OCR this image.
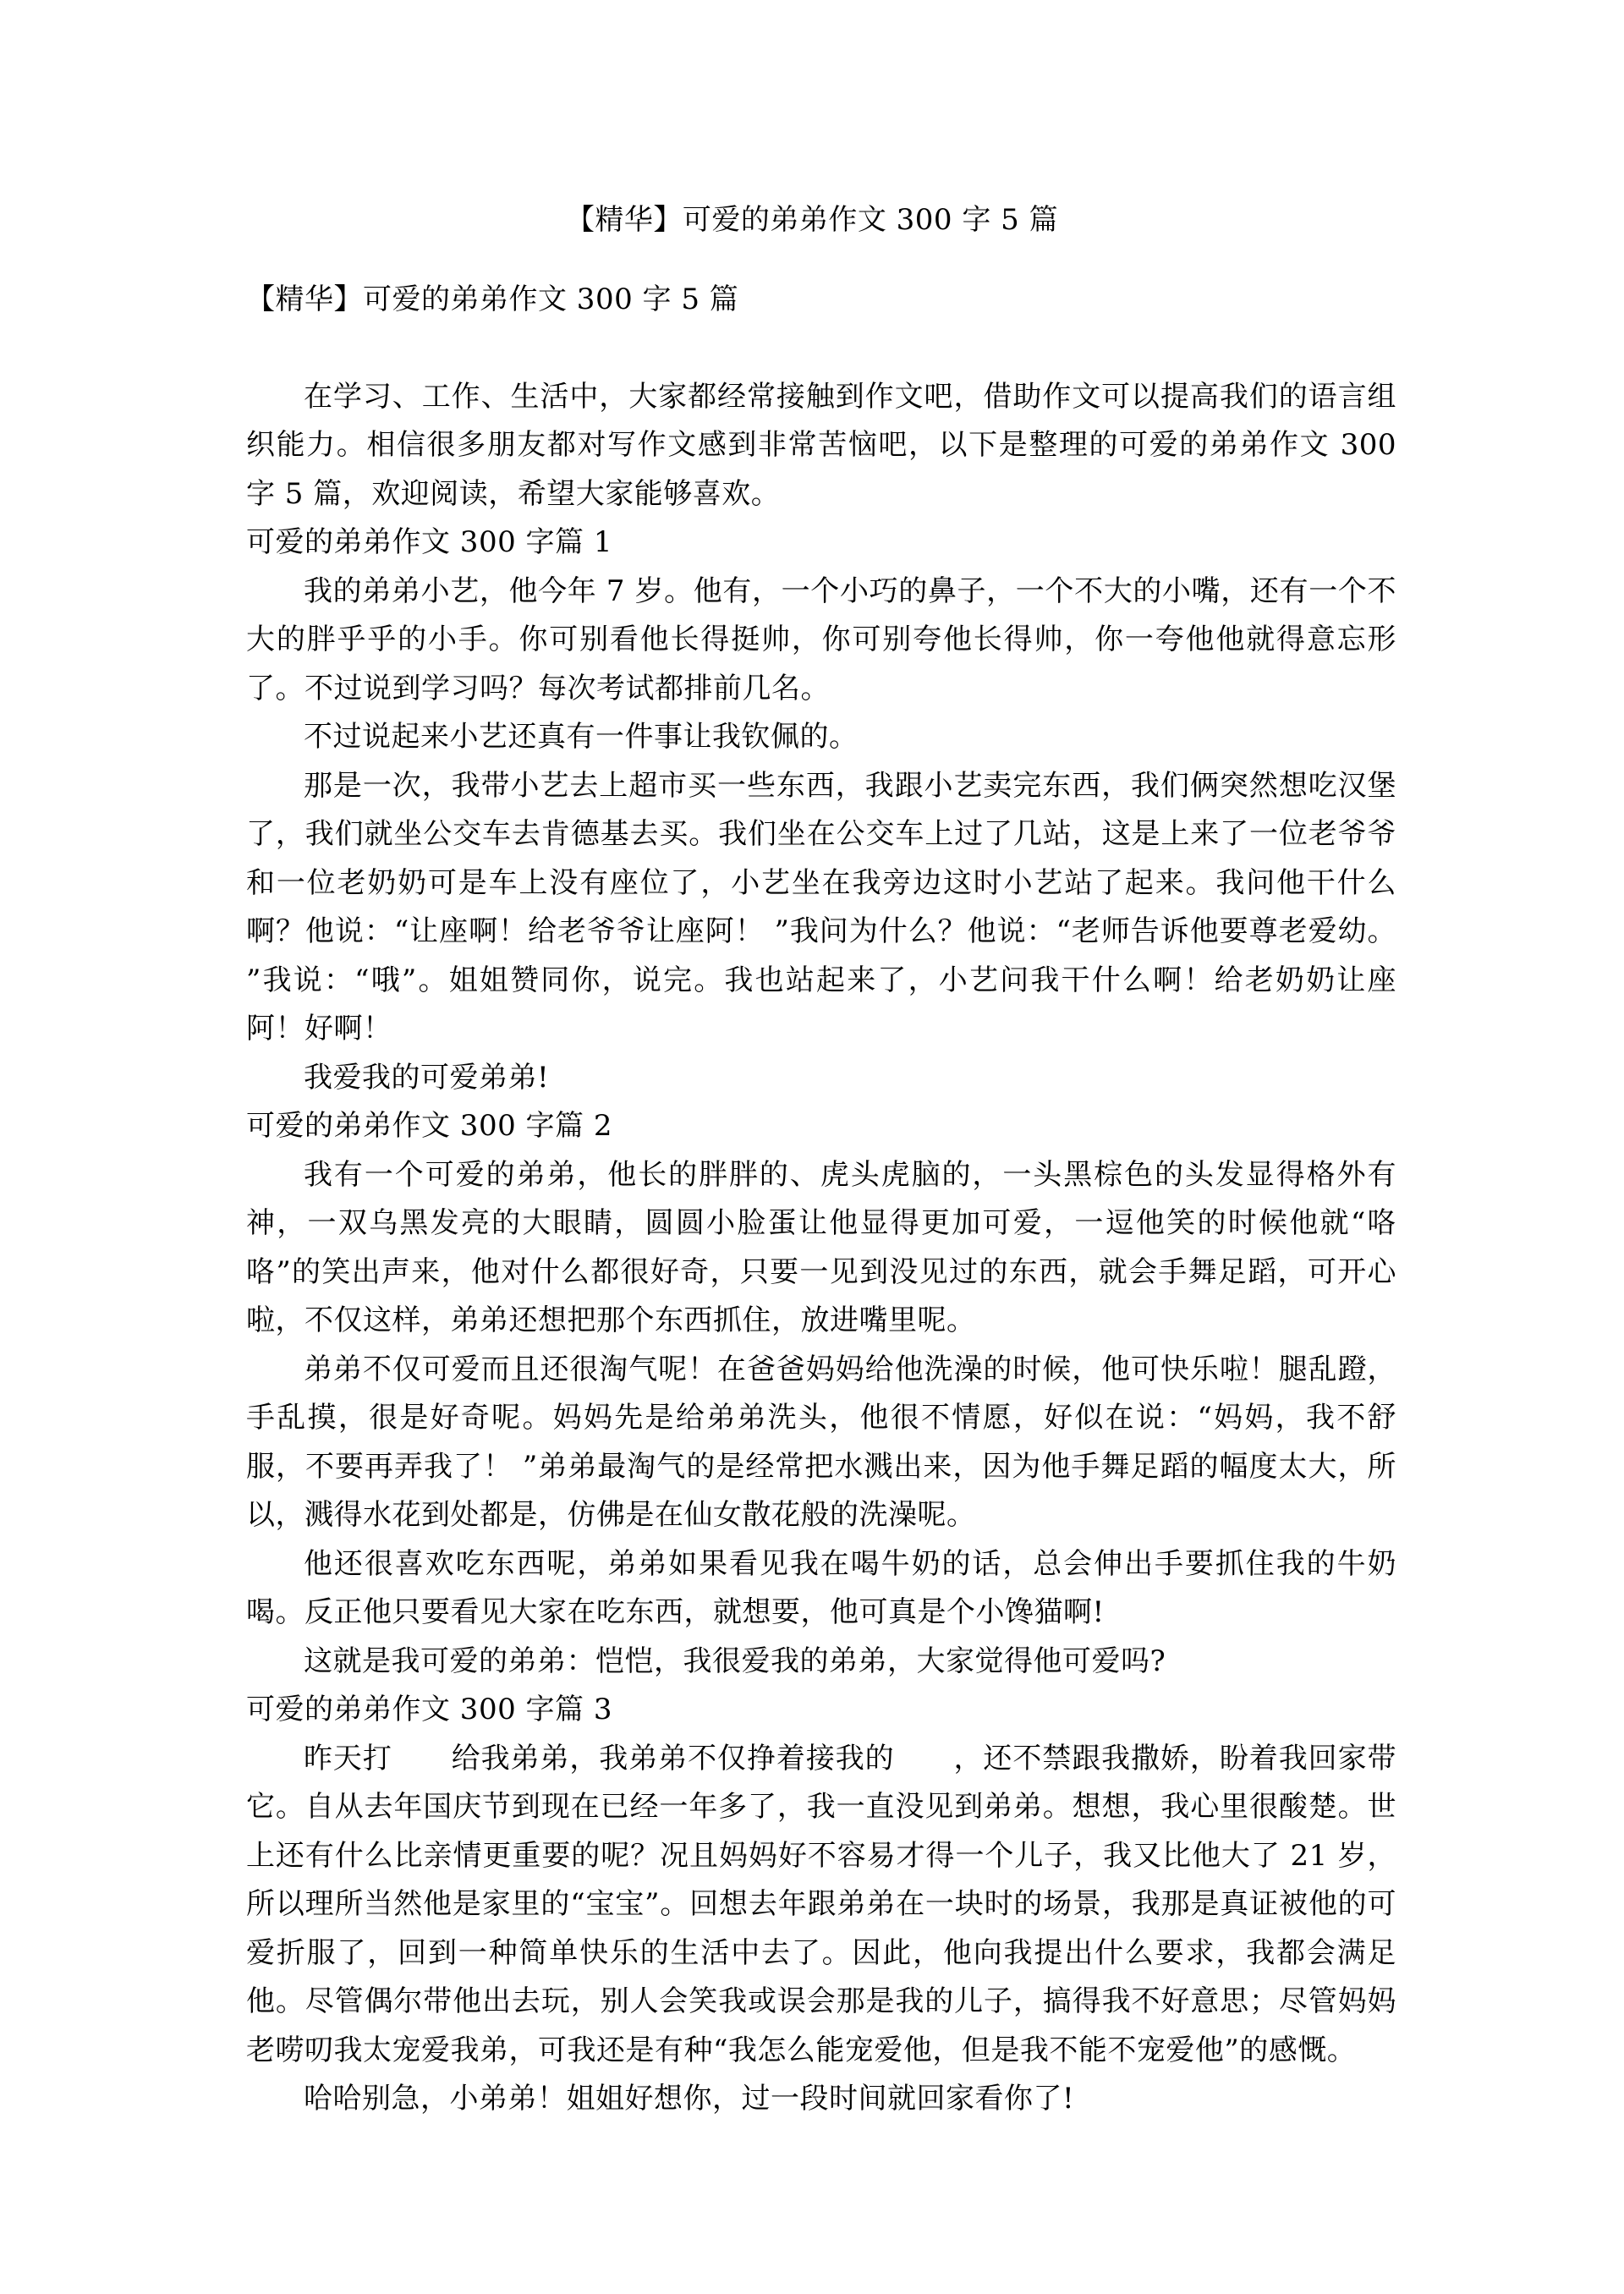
【精华】可爱的弟弟作文 300 字 5 篇

【精华】可爱的弟弟作文 300 字 5 篇

在学习、工作、生活中，大家都经常接触到作文吧，借助作文可以提高我们的语言组织能力。相信很多朋友都对写作文感到非常苦恼吧，以下是整理的可爱的弟弟作文 300 字 5 篇，欢迎阅读，希望大家能够喜欢。

可爱的弟弟作文 300 字篇 1

我的弟弟小艺，他今年 7 岁。他有，一个小巧的鼻子，一个不大的小嘴，还有一个不大的胖乎乎的小手。你可别看他长得挺帅，你可别夸他长得帅，你一夸他他就得意忘形了。不过说到学习吗？每次考试都排前几名。

不过说起来小艺还真有一件事让我钦佩的。

那是一次，我带小艺去上超市买一些东西，我跟小艺卖完东西，我们俩突然想吃汉堡了，我们就坐公交车去肯德基去买。我们坐在公交车上过了几站，这是上来了一位老爷爷和一位老奶奶可是车上没有座位了，小艺坐在我旁边这时小艺站了起来。我问他干什么啊？他说：“让座啊！给老爷爷让座阿！ ”我问为什么？他说：“老师告诉他要尊老爱幼。 ”我说：“哦”。姐姐赞同你，说完。我也站起来了，小艺问我干什么啊！给老奶奶让座阿！好啊！

我爱我的可爱弟弟!

可爱的弟弟作文 300 字篇 2

我有一个可爱的弟弟，他长的胖胖的、虎头虎脑的，一头黑棕色的头发显得格外有神，一双乌黑发亮的大眼睛，圆圆小脸蛋让他显得更加可爱，一逗他笑的时候他就“咯咯”的笑出声来，他对什么都很好奇，只要一见到没见过的东西，就会手舞足蹈，可开心啦，不仅这样，弟弟还想把那个东西抓住，放进嘴里呢。

弟弟不仅可爱而且还很淘气呢！在爸爸妈妈给他洗澡的时候，他可快乐啦！腿乱蹬，手乱摸，很是好奇呢。妈妈先是给弟弟洗头，他很不情愿，好似在说：“妈妈，我不舒服，不要再弄我了！ ”弟弟最淘气的是经常把水溅出来，因为他手舞足蹈的幅度太大，所以，溅得水花到处都是，仿佛是在仙女散花般的洗澡呢。

他还很喜欢吃东西呢，弟弟如果看见我在喝牛奶的话，总会伸出手要抓住我的牛奶喝。反正他只要看见大家在吃东西，就想要，他可真是个小馋猫啊!

这就是我可爱的弟弟：恺恺，我很爱我的弟弟，大家觉得他可爱吗?

可爱的弟弟作文 300 字篇 3

昨天打　　给我弟弟，我弟弟不仅挣着接我的　　，还不禁跟我撒娇，盼着我回家带它。自从去年国庆节到现在已经一年多了，我一直没见到弟弟。想想，我心里很酸楚。世上还有什么比亲情更重要的呢？况且妈妈好不容易才得一个儿子，我又比他大了 21 岁，所以理所当然他是家里的“宝宝”。回想去年跟弟弟在一块时的场景，我那是真证被他的可爱折服了，回到一种简单快乐的生活中去了。因此，他向我提出什么要求，我都会满足他。尽管偶尔带他出去玩，别人会笑我或误会那是我的儿子，搞得我不好意思；尽管妈妈老唠叨我太宠爱我弟，可我还是有种“我怎么能宠爱他，但是我不能不宠爱他”的感慨。

哈哈别急，小弟弟！姐姐好想你，过一段时间就回家看你了!
